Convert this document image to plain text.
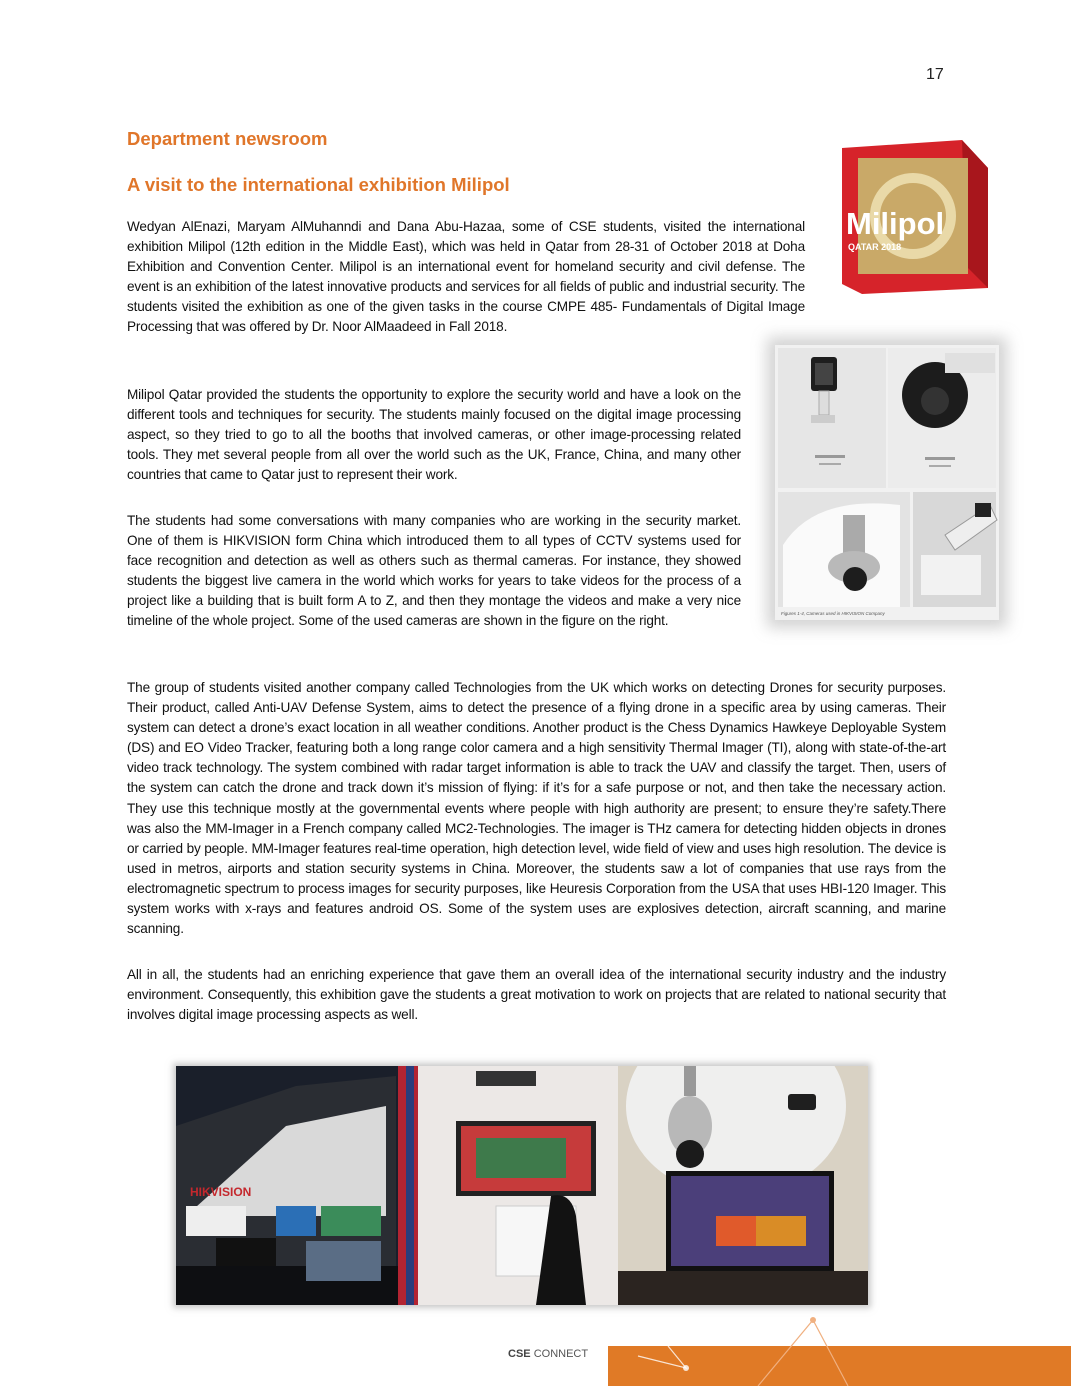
17
Department newsroom
A visit to the international exhibition Milipol

Wedyan AlEnazi, Maryam AlMuhanndi and Dana Abu-Hazaa, some of CSE students, visited the international exhibition Milipol (12th edition in the Middle East), which was held in Qatar from 28-31 of October 2018 at Doha Exhibition and Convention Center. Milipol is an international event for homeland security and civil defense. The event is an exhibition of the latest innovative products and services for all fields of public and industrial security. The students visited the exhibition as one of the given tasks in the course CMPE 485- Fundamentals of Digital Image Processing that was offered by Dr. Noor AlMaadeed in Fall 2018.

Milipol Qatar provided the students the opportunity to explore the security world and have a look on the different tools and techniques for security. The students mainly focused on the digital image processing aspect, so they tried to go to all the booths that involved cameras, or other image-processing related tools. They met several people from all over the world such as the UK, France, China, and many other countries that came to Qatar just to represent their work.

The students had some conversations with many companies who are working in the security market. One of them is HIKVISION form China which introduced them to all types of CCTV systems used for face recognition and detection as well as others such as thermal cameras. For instance, they showed students the biggest live camera in the world which works for years to take videos for the process of a project like a building that is built form A to Z, and then they montage the videos and make a very nice timeline of the whole project. Some of the used cameras are shown in the figure on the right.

The group of students visited another company called Technologies from the UK which works on detecting Drones for security purposes. Their product, called Anti-UAV Defense System, aims to detect the presence of a flying drone in a specific area by using cameras. Their system can detect a drone’s exact location in all weather conditions. Another product is the Chess Dynamics Hawkeye Deployable System (DS) and EO Video Tracker, featuring both a long range color camera and a high sensitivity Thermal Imager (TI), along with state-of-the-art video track technology. The system combined with radar target information is able to track the UAV and classify the target. Then, users of the system can catch the drone and track down it’s mission of flying: if it’s for a safe purpose or not, and then take the necessary action. They use this technique mostly at the governmental events where people with high authority are present; to ensure they’re safety.There was also the MM-Imager in a French company called MC2-Technologies. The imager is THz camera for detecting hidden objects in drones or carried by people. MM-Imager features real-time operation, high detection level, wide field of view and uses high resolution. The device is used in metros, airports and station security systems in China. Moreover, the students saw a lot of companies that use rays from the electromagnetic spectrum to process images for security purposes, like Heuresis Corporation from the USA that uses HBI-120 Imager. This system works with x-rays and features android OS. Some of the system uses are explosives detection, aircraft scanning, and marine scanning.

All in all, the students had an enriching experience that gave them an overall idea of the international security industry and the industry environment. Consequently, this exhibition gave the students a great motivation to work on projects that are related to national security that involves digital image processing aspects as well.

Milipol
QATAR 2018
Figures 1-4, Cameras used in HIKVISION Company
HIKVISION
CSE CONNECT
